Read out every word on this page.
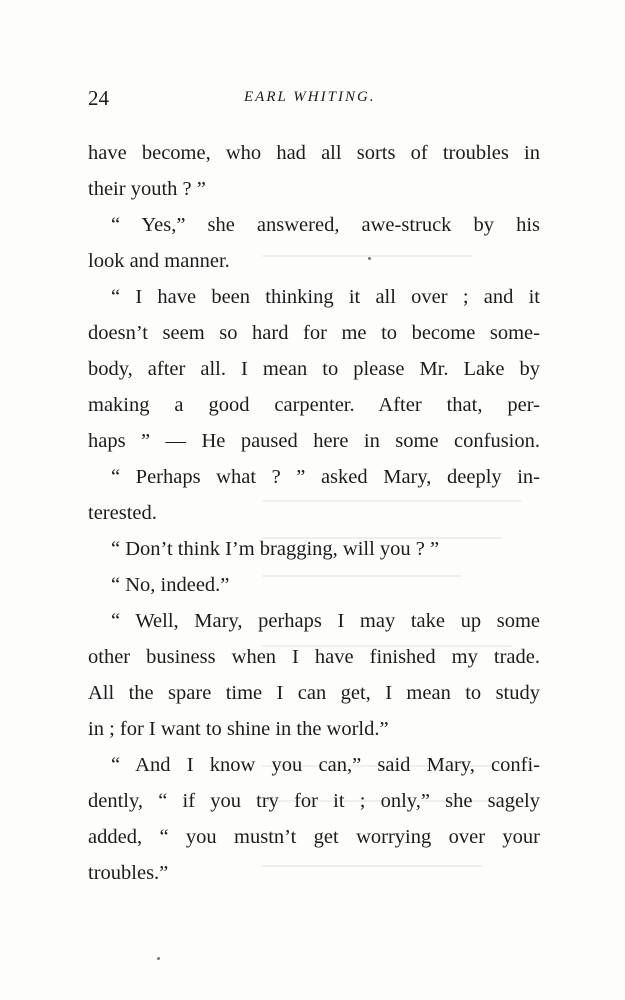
24	EARL WHITING.
have become, who had all sorts of troubles in
their youth ? ”
“ Yes,” she answered, awe-struck by his
look and manner.
“ I have been thinking it all over ; and it
doesn’t seem so hard for me to become some-
body, after all. I mean to please Mr. Lake by
making a good carpenter. After that, per-
haps ” — He paused here in some confusion.
“ Perhaps what ? ” asked Mary, deeply in-
terested.
“ Don’t think I’m bragging, will you ? ”
“ No, indeed.”
“ Well, Mary, perhaps I may take up some
other business when I have finished my trade.
All the spare time I can get, I mean to study
in ; for I want to shine in the world.”
“ And I know you can,” said Mary, confi-
dently, “ if you try for it ; only,” she sagely
added, “ you mustn’t get worrying over your
troubles.”
